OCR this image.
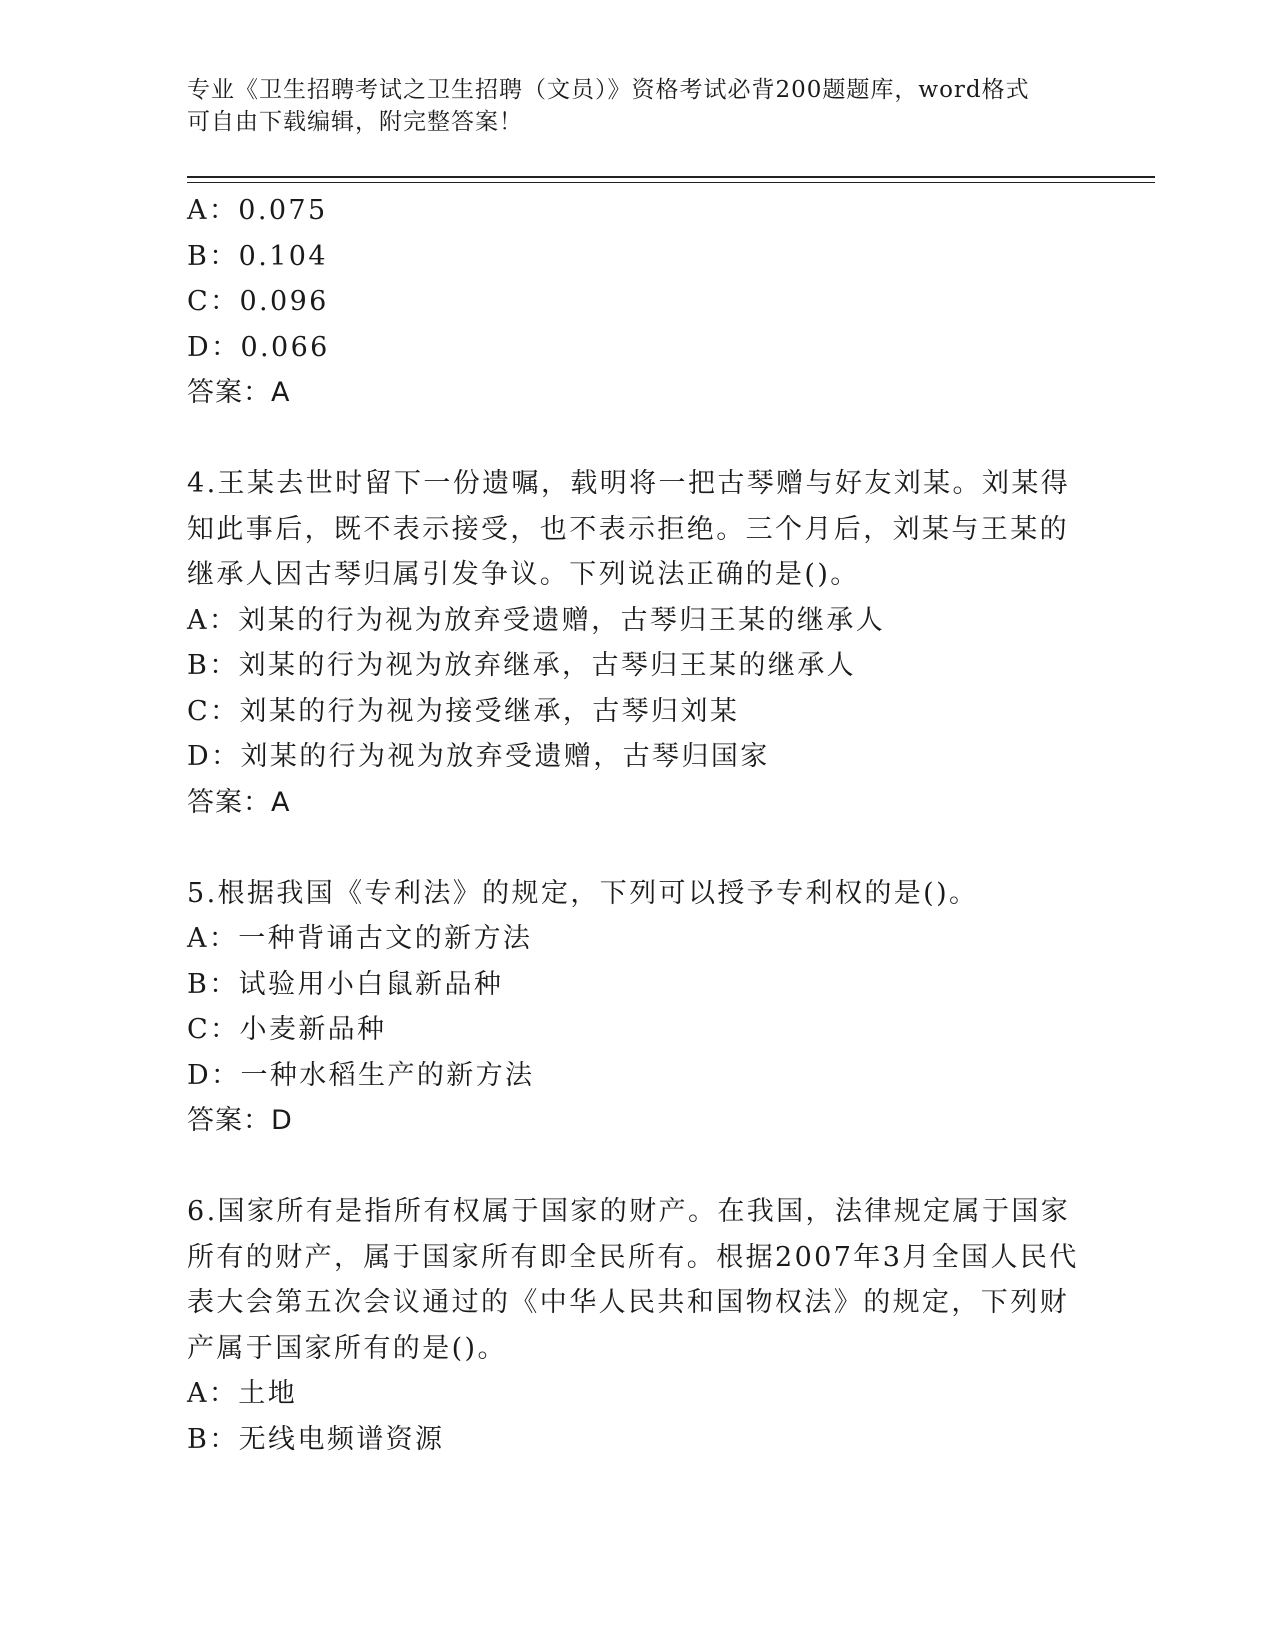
专业《卫生招聘考试之卫生招聘（文员）》资格考试必背200题题库，word格式

可自由下载编辑，附完整答案！

A：0.075
B：0.104
C：0.096
D：0.066
答案：A
4.王某去世时留下一份遗嘱，载明将一把古琴赠与好友刘某。刘某得
知此事后，既不表示接受，也不表示拒绝。三个月后，刘某与王某的
继承人因古琴归属引发争议。下列说法正确的是()。
A：刘某的行为视为放弃受遗赠，古琴归王某的继承人
B：刘某的行为视为放弃继承，古琴归王某的继承人
C：刘某的行为视为接受继承，古琴归刘某
D：刘某的行为视为放弃受遗赠，古琴归国家
答案：A
5.根据我国《专利法》的规定，下列可以授予专利权的是()。
A：一种背诵古文的新方法
B：试验用小白鼠新品种
C：小麦新品种
D：一种水稻生产的新方法
答案：D
6.国家所有是指所有权属于国家的财产。在我国，法律规定属于国家
所有的财产，属于国家所有即全民所有。根据2007年3月全国人民代
表大会第五次会议通过的《中华人民共和国物权法》的规定，下列财
产属于国家所有的是()。
A：土地
B：无线电频谱资源
